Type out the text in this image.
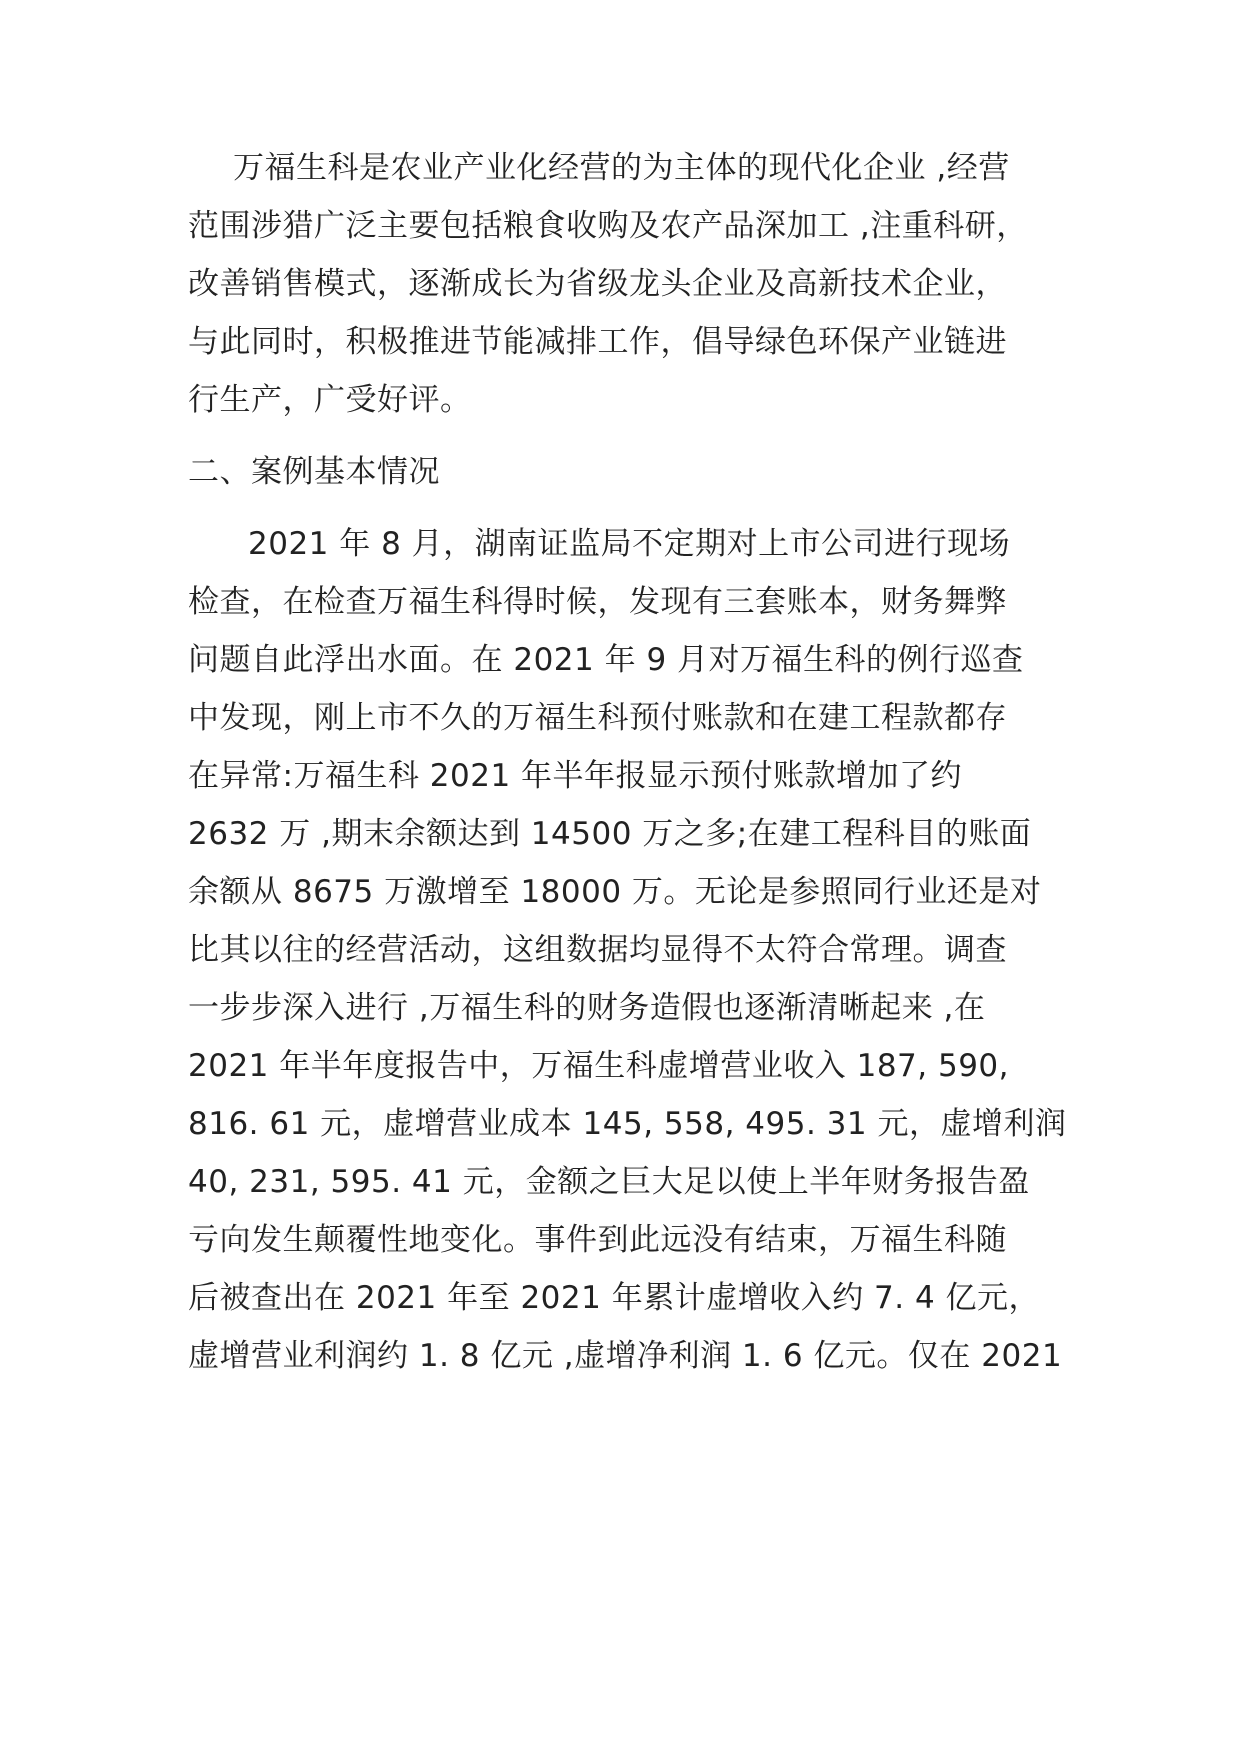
万福生科是农业产业化经营的为主体的现代化企业 ,经营
范围涉猎广泛主要包括粮食收购及农产品深加工 ,注重科研，
改善销售模式，逐渐成长为省级龙头企业及高新技术企业，
与此同时，积极推进节能减排工作，倡导绿色环保产业链进
行生产，广受好评。
二、案例基本情况
2021 年 8 月，湖南证监局不定期对上市公司进行现场
检查，在检查万福生科得时候，发现有三套账本，财务舞弊
问题自此浮出水面。在 2021 年 9 月对万福生科的例行巡查
中发现，刚上市不久的万福生科预付账款和在建工程款都存
在异常:万福生科 2021 年半年报显示预付账款增加了约
2632 万 ,期末余额达到 14500 万之多;在建工程科目的账面
余额从 8675 万激增至 18000 万。无论是参照同行业还是对
比其以往的经营活动，这组数据均显得不太符合常理。调查
一步步深入进行 ,万福生科的财务造假也逐渐清晰起来 ,在
2021 年半年度报告中，万福生科虚增营业收入 187, 590,
816. 61 元，虚增营业成本 145, 558, 495. 31 元，虚增利润
40, 231, 595. 41 元，金额之巨大足以使上半年财务报告盈
亏向发生颠覆性地变化。事件到此远没有结束，万福生科随
后被查出在 2021 年至 2021 年累计虚增收入约 7. 4 亿元，
虚增营业利润约 1. 8 亿元 ,虚增净利润 1. 6 亿元。仅在 2021
